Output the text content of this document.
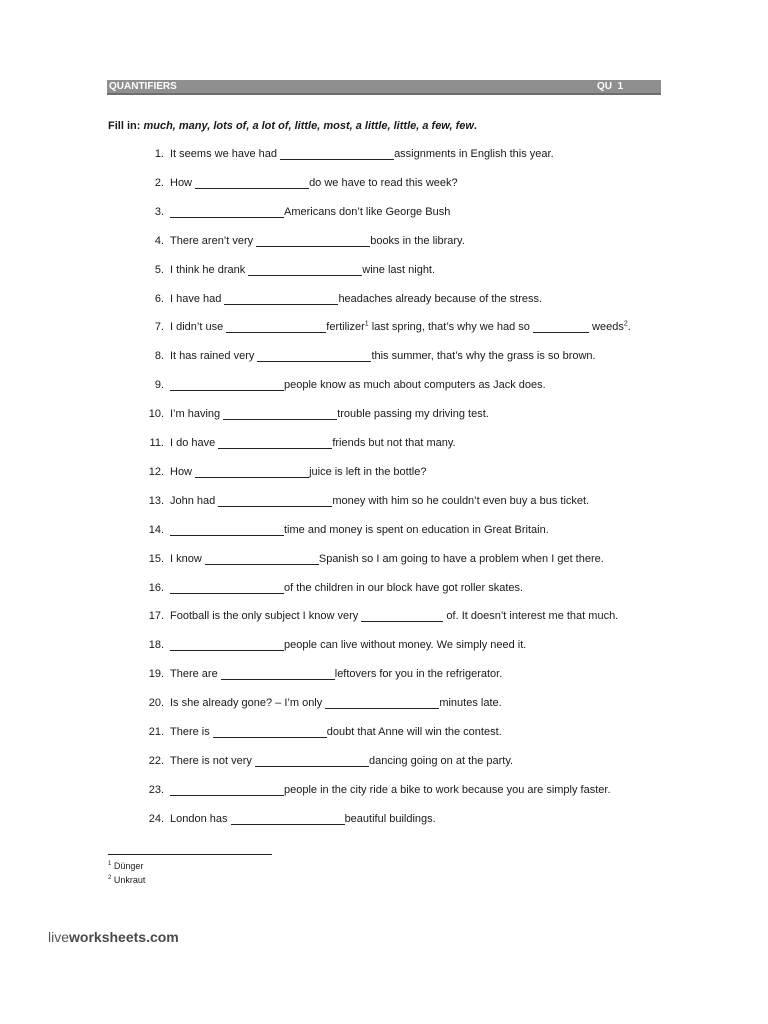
QUANTIFIERS	QU  1
Fill in: much, many, lots of, a lot of, little, most, a little, little, a few, few.
1. It seems we have had	assignments in English this year.
2. How	do we have to read this week?
3.	Americans don’t like George Bush
4. There aren’t very	books in the library.
5. I think he drank	wine last night.
6. I have had	headaches already because of the stress.
7. I didn’t use	fertilizer$^1$ last spring, that’s why we had so	weeds$^2$.
8. It has rained very	this summer, that’s why the grass is so brown.
9.	people know as much about computers as Jack does.
10. I’m having	trouble passing my driving test.
11. I do have	friends but not that many.
12. How	juice is left in the bottle?
13. John had	money with him so he couldn’t even buy a bus ticket.
14.	time and money is spent on education in Great Britain.
15. I know	Spanish so I am going to have a problem when I get there.
16.	of the children in our block have got roller skates.
17. Football is the only subject I know very	of. It doesn’t interest me that much.
18.	people can live without money. We simply need it.
19. There are	leftovers for you in the refrigerator.
20. Is she already gone? – I’m only	minutes late.
21. There is	doubt that Anne will win the contest.
22. There is not very	dancing going on at the party.
23.	people in the city ride a bike to work because you are simply faster.
24. London has	beautiful buildings.
$^1$ Dünger
$^2$ Unkraut
liveworksheets.com
